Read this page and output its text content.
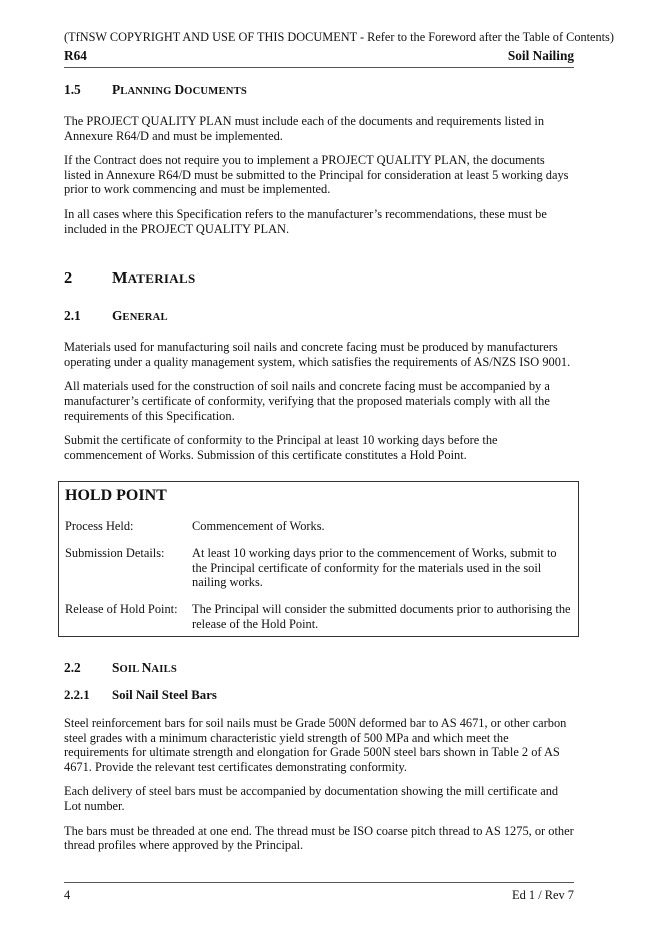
(TfNSW COPYRIGHT AND USE OF THIS DOCUMENT - Refer to the Foreword after the Table of Contents)
R64	Soil Nailing
1.5 PLANNING DOCUMENTS

The PROJECT QUALITY PLAN must include each of the documents and requirements listed in Annexure R64/D and must be implemented.

If the Contract does not require you to implement a PROJECT QUALITY PLAN, the documents listed in Annexure R64/D must be submitted to the Principal for consideration at least 5 working days prior to work commencing and must be implemented.

In all cases where this Specification refers to the manufacturer’s recommendations, these must be included in the PROJECT QUALITY PLAN.

2 MATERIALS
2.1 GENERAL

Materials used for manufacturing soil nails and concrete facing must be produced by manufacturers operating under a quality management system, which satisfies the requirements of AS/NZS ISO 9001.

All materials used for the construction of soil nails and concrete facing must be accompanied by a manufacturer’s certificate of conformity, verifying that the proposed materials comply with all the requirements of this Specification.

Submit the certificate of conformity to the Principal at least 10 working days before the commencement of Works. Submission of this certificate constitutes a Hold Point.

HOLD POINT
Process Held:	Commencement of Works.
Submission Details:	At least 10 working days prior to the commencement of Works, submit to the Principal certificate of conformity for the materials used in the soil nailing works.
Release of Hold Point:	The Principal will consider the submitted documents prior to authorising the release of the Hold Point.
2.2 SOIL NAILS
2.2.1 Soil Nail Steel Bars

Steel reinforcement bars for soil nails must be Grade 500N deformed bar to AS 4671, or other carbon steel grades with a minimum characteristic yield strength of 500 MPa and which meet the requirements for ultimate strength and elongation for Grade 500N steel bars shown in Table 2 of AS 4671. Provide the relevant test certificates demonstrating conformity.

Each delivery of steel bars must be accompanied by documentation showing the mill certificate and Lot number.

The bars must be threaded at one end. The thread must be ISO coarse pitch thread to AS 1275, or other thread profiles where approved by the Principal.

4	Ed 1 / Rev 7
